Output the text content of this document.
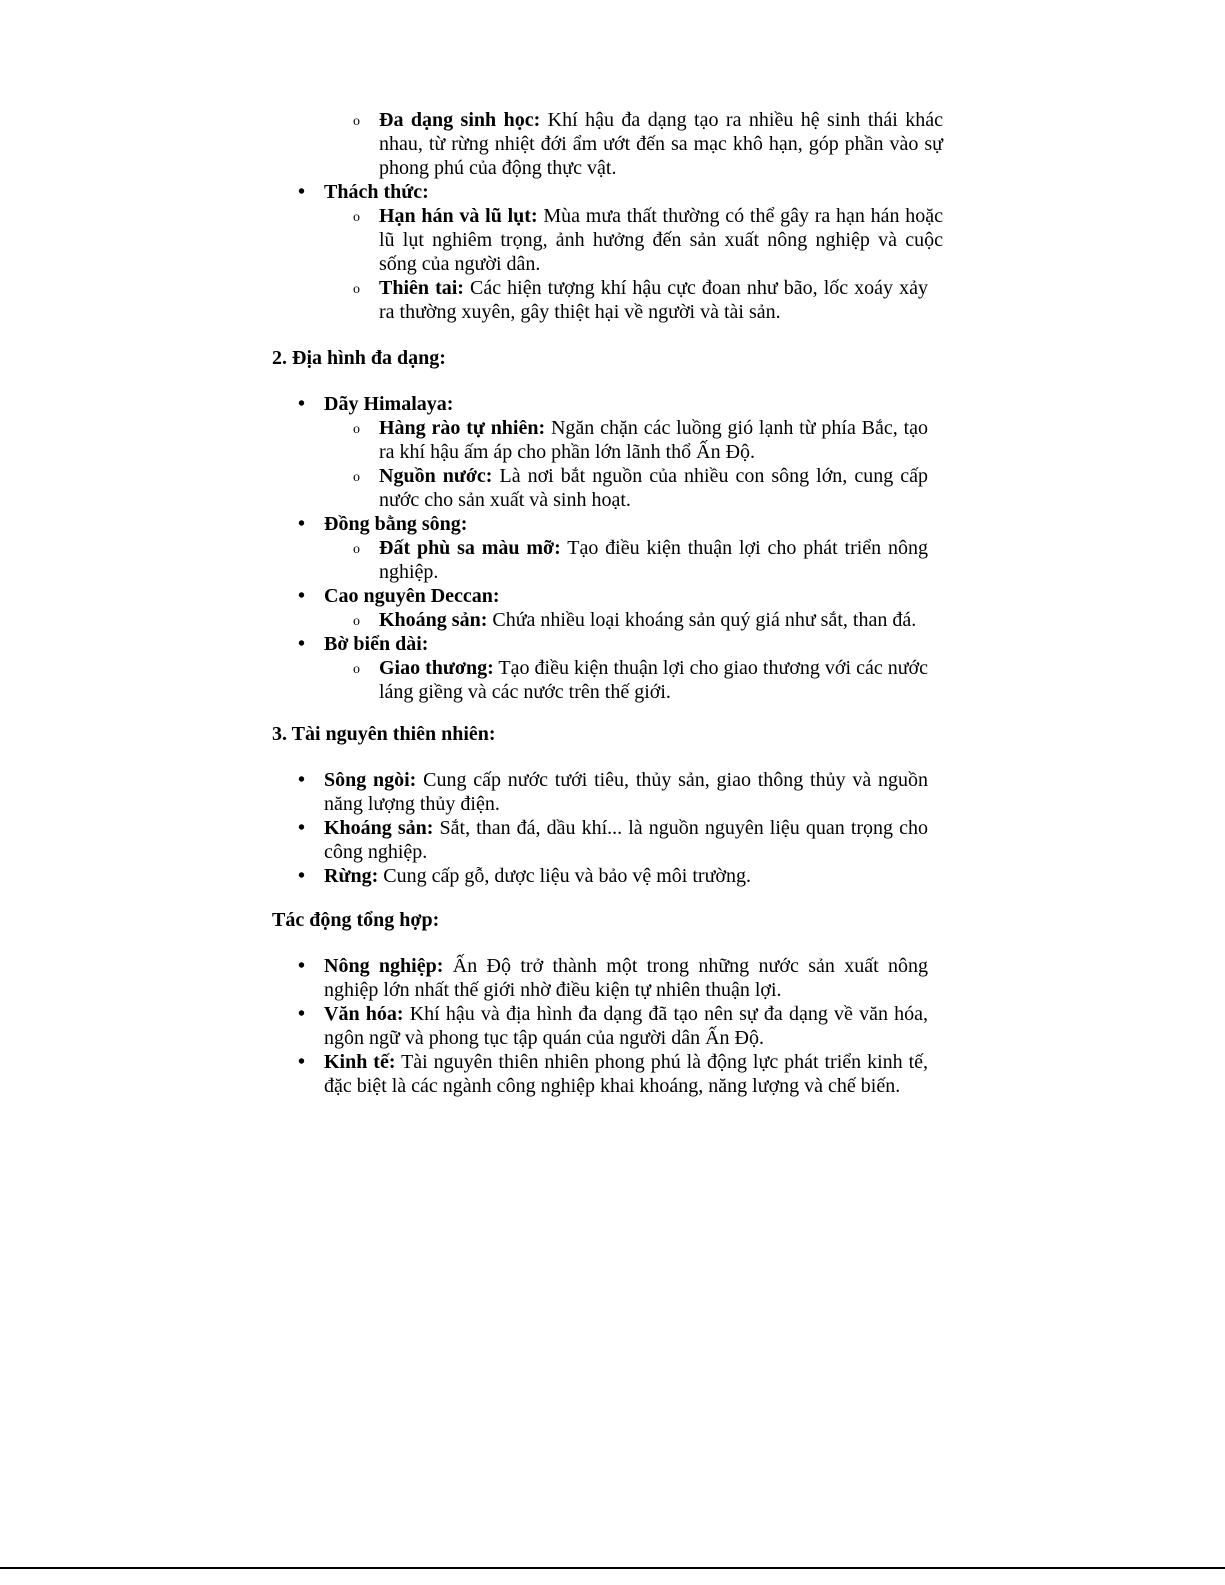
o Đa dạng sinh học: Khí hậu đa dạng tạo ra nhiều hệ sinh thái khác nhau, từ rừng nhiệt đới ẩm ướt đến sa mạc khô hạn, góp phần vào sự phong phú của động thực vật.
• Thách thức:
o Hạn hán và lũ lụt: Mùa mưa thất thường có thể gây ra hạn hán hoặc lũ lụt nghiêm trọng, ảnh hưởng đến sản xuất nông nghiệp và cuộc sống của người dân.
o Thiên tai: Các hiện tượng khí hậu cực đoan như bão, lốc xoáy xảy ra thường xuyên, gây thiệt hại về người và tài sản.
2. Địa hình đa dạng:
• Dãy Himalaya:
o Hàng rào tự nhiên: Ngăn chặn các luồng gió lạnh từ phía Bắc, tạo ra khí hậu ấm áp cho phần lớn lãnh thổ Ấn Độ.
o Nguồn nước: Là nơi bắt nguồn của nhiều con sông lớn, cung cấp nước cho sản xuất và sinh hoạt.
• Đồng bằng sông:
o Đất phù sa màu mỡ: Tạo điều kiện thuận lợi cho phát triển nông nghiệp.
• Cao nguyên Deccan:
o Khoáng sản: Chứa nhiều loại khoáng sản quý giá như sắt, than đá.
• Bờ biển dài:
o Giao thương: Tạo điều kiện thuận lợi cho giao thương với các nước láng giềng và các nước trên thế giới.
3. Tài nguyên thiên nhiên:
• Sông ngòi: Cung cấp nước tưới tiêu, thủy sản, giao thông thủy và nguồn năng lượng thủy điện.
• Khoáng sản: Sắt, than đá, dầu khí... là nguồn nguyên liệu quan trọng cho công nghiệp.
• Rừng: Cung cấp gỗ, dược liệu và bảo vệ môi trường.
Tác động tổng hợp:
• Nông nghiệp: Ấn Độ trở thành một trong những nước sản xuất nông nghiệp lớn nhất thế giới nhờ điều kiện tự nhiên thuận lợi.
• Văn hóa: Khí hậu và địa hình đa dạng đã tạo nên sự đa dạng về văn hóa, ngôn ngữ và phong tục tập quán của người dân Ấn Độ.
• Kinh tế: Tài nguyên thiên nhiên phong phú là động lực phát triển kinh tế, đặc biệt là các ngành công nghiệp khai khoáng, năng lượng và chế biến.
